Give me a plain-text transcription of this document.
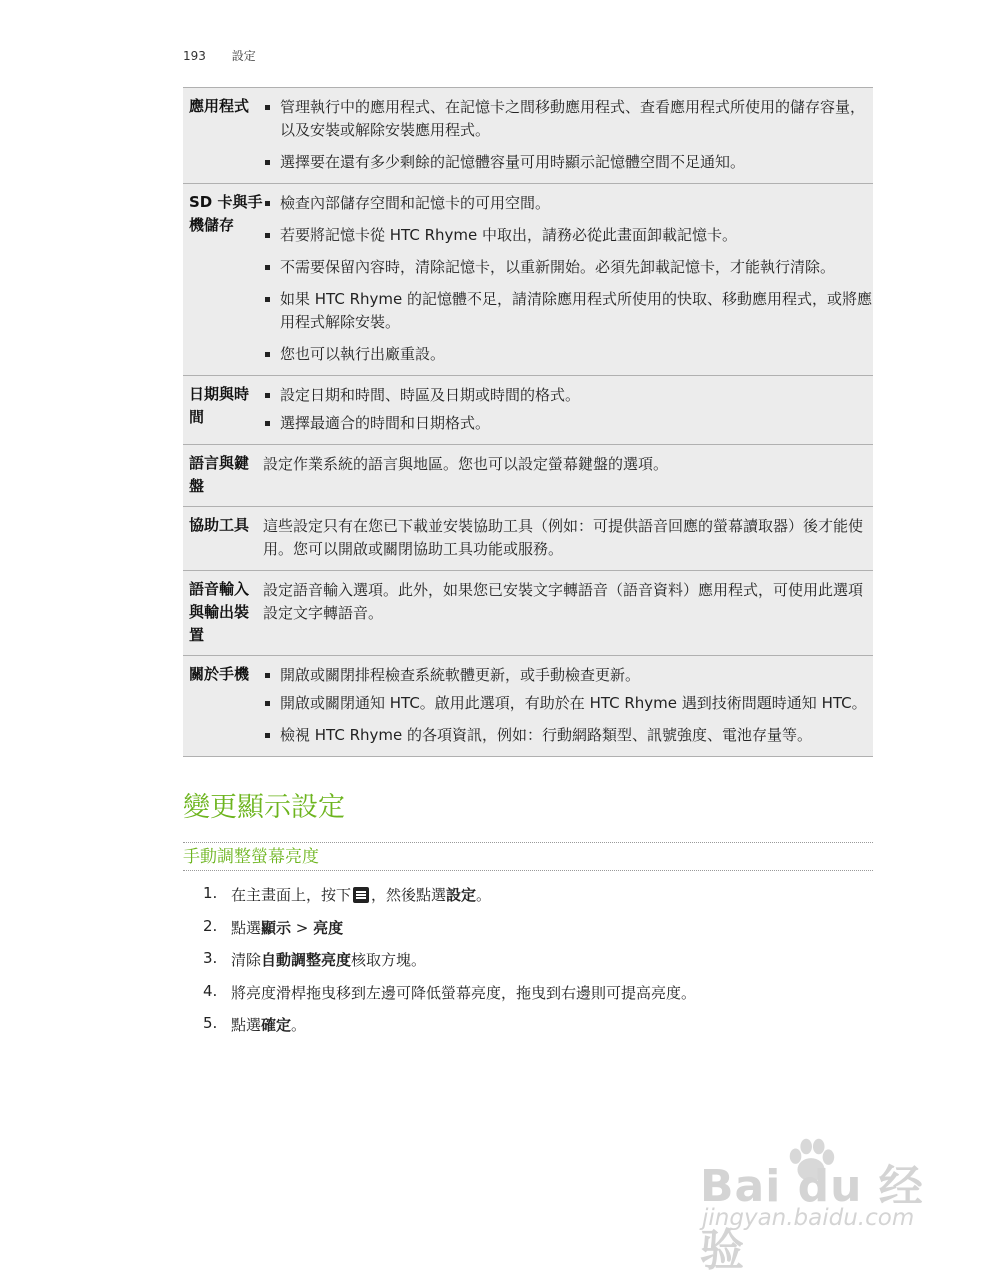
193 設定
應用程式	管理執行中的應用程式、在記憶卡之間移動應用程式、查看應用程式所使用的儲存容量，以及安裝或解除安裝應用程式。
選擇要在還有多少剩餘的記憶體容量可用時顯示記憶體空間不足通知。
SD 卡與手機儲存
檢查內部儲存空間和記憶卡的可用空間。
若要將記憶卡從 HTC Rhyme 中取出，請務必從此畫面卸載記憶卡。
不需要保留內容時，清除記憶卡，以重新開始。必須先卸載記憶卡，才能執行清除。
如果 HTC Rhyme 的記憶體不足，請清除應用程式所使用的快取、移動應用程式，或將應用程式解除安裝。
您也可以執行出廠重設。
日期與時間
設定日期和時間、時區及日期或時間的格式。
選擇最適合的時間和日期格式。
語言與鍵盤

設定作業系統的語言與地區。您也可以設定螢幕鍵盤的選項。

協助工具 這些設定只有在您已下載並安裝協助工具（例如：可提供語音回應的螢幕讀取器）後才能使用。您可以開啟或關閉協助工具功能或服務。

語音輸入與輸出裝置

設定語音輸入選項。此外，如果您已安裝文字轉語音（語音資料）應用程式，可使用此選項設定文字轉語音。

關於手機	開啟或關閉排程檢查系統軟體更新，或手動檢查更新。
開啟或關閉通知 HTC。啟用此選項，有助於在 HTC Rhyme 遇到技術問題時通知 HTC。
檢視 HTC Rhyme 的各項資訊，例如：行動網路類型、訊號強度、電池存量等。
變更顯示設定
手動調整螢幕亮度
1. 在主畫面上，按下 ，然後點選設定。
2. 點選顯示 > 亮度
3. 清除自動調整亮度核取方塊。
4. 將亮度滑桿拖曳移到左邊可降低螢幕亮度，拖曳到右邊則可提高亮度。
5. 點選確定。
Bai du 经验
jingyan.baidu.com
